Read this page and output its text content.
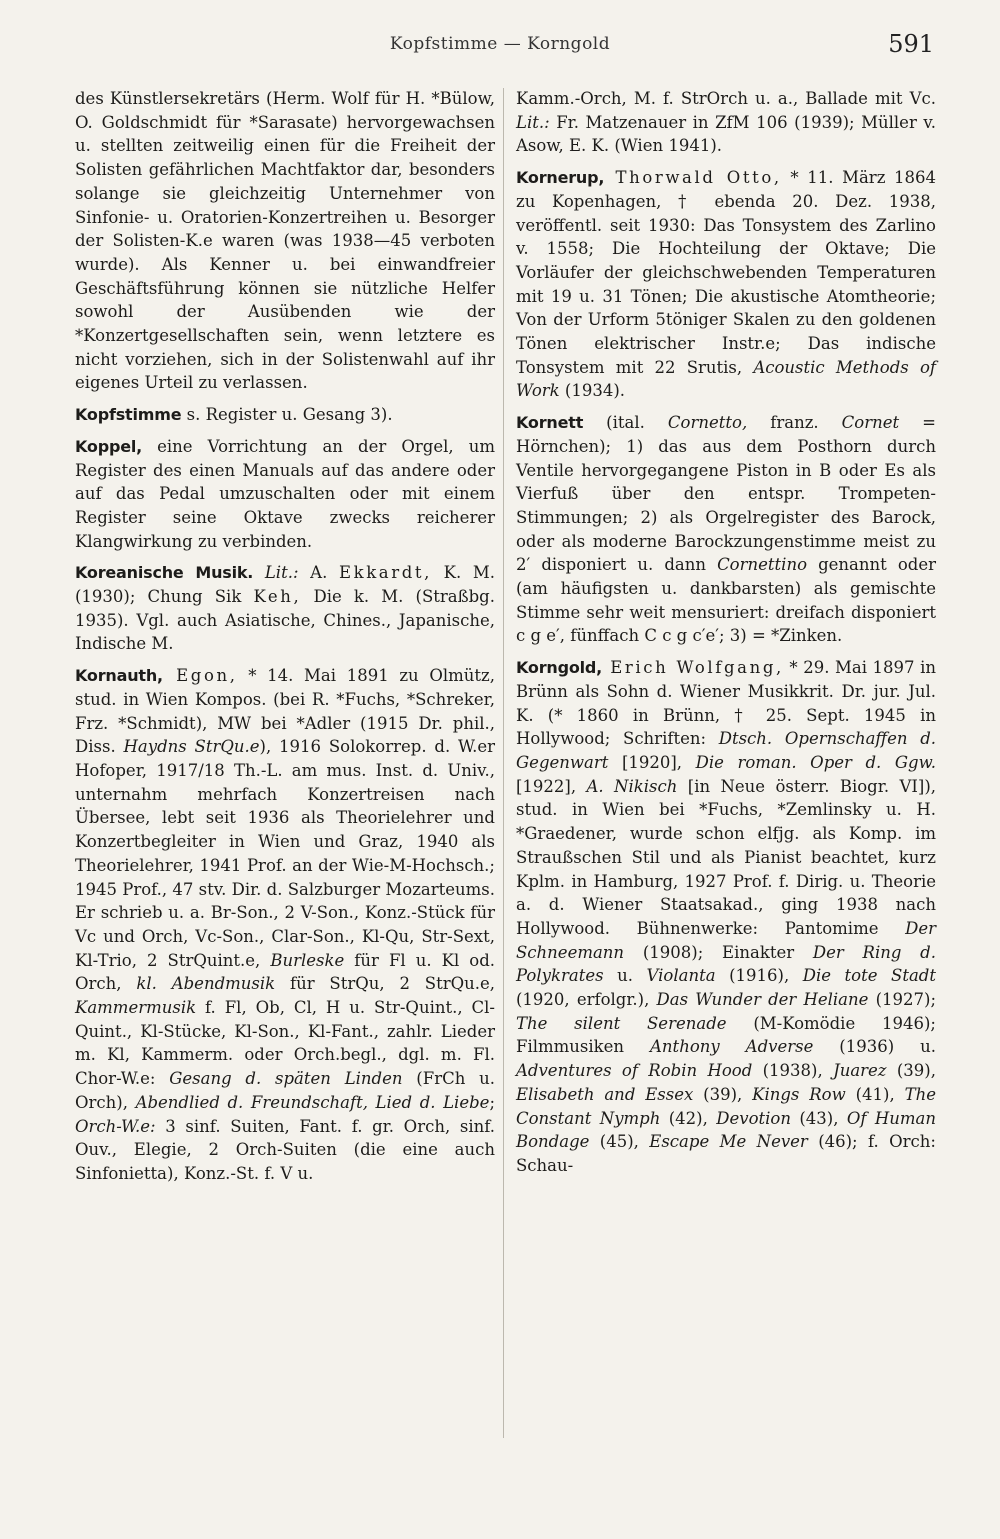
Kopfstimme — Korngold	591

des Künstlersekretärs (Herm. Wolf für H. *Bülow, O. Goldschmidt für *Sarasate) hervorgewachsen u. stellten zeitweilig einen für die Freiheit der Solisten gefährlichen Machtfaktor dar, besonders solange sie gleichzeitig Unternehmer von Sinfonie- u. Oratorien-Konzertreihen u. Besorger der Solisten-K.e waren (was 1938—45 verboten wurde). Als Kenner u. bei einwandfreier Geschäftsführung können sie nützliche Helfer sowohl der Ausübenden wie der *Konzertgesellschaften sein, wenn letztere es nicht vorziehen, sich in der Solistenwahl auf ihr eigenes Urteil zu verlassen.

Kopfstimme s. Register u. Gesang 3).

Koppel, eine Vorrichtung an der Orgel, um Register des einen Manuals auf das andere oder auf das Pedal umzuschalten oder mit einem Register seine Oktave zwecks reicherer Klangwirkung zu verbinden.

Koreanische Musik. Lit.: A. Ekkardt, K. M. (1930); Chung Sik Keh, Die k. M. (Straßbg. 1935). Vgl. auch Asiatische, Chines., Japanische, Indische M.

Kornauth, Egon, * 14. Mai 1891 zu Olmütz, stud. in Wien Kompos. (bei R. *Fuchs, *Schreker, Frz. *Schmidt), MW bei *Adler (1915 Dr. phil., Diss. Haydns StrQu.e), 1916 Solokorrep. d. W.er Hofoper, 1917/18 Th.-L. am mus. Inst. d. Univ., unternahm mehrfach Konzertreisen nach Übersee, lebt seit 1936 als Theorielehrer und Konzertbegleiter in Wien und Graz, 1940 als Theorielehrer, 1941 Prof. an der Wie-M-Hochsch.; 1945 Prof., 47 stv. Dir. d. Salzburger Mozarteums. Er schrieb u. a. Br-Son., 2 V-Son., Konz.-Stück für Vc und Orch, Vc-Son., Clar-Son., Kl-Qu, Str-Sext, Kl-Trio, 2 StrQuint.e, Burleske für Fl u. Kl od. Orch, kl. Abendmusik für StrQu, 2 StrQu.e, Kammermusik f. Fl, Ob, Cl, H u. Str-Quint., Cl-Quint., Kl-Stücke, Kl-Son., Kl-Fant., zahlr. Lieder m. Kl, Kammerm. oder Orch.begl., dgl. m. Fl. Chor-W.e: Gesang d. späten Linden (FrCh u. Orch), Abendlied d. Freundschaft, Lied d. Liebe; Orch-W.e: 3 sinf. Suiten, Fant. f. gr. Orch, sinf. Ouv., Elegie, 2 Orch-Suiten (die eine auch Sinfonietta), Konz.-St. f. V u.

Kamm.-Orch, M. f. StrOrch u. a., Ballade mit Vc. Lit.: Fr. Matzenauer in ZfM 106 (1939); Müller v. Asow, E. K. (Wien 1941).

Kornerup, Thorwald Otto, * 11. März 1864 zu Kopenhagen, † ebenda 20. Dez. 1938, veröffentl. seit 1930: Das Tonsystem des Zarlino v. 1558; Die Hochteilung der Oktave; Die Vorläufer der gleichschwebenden Temperaturen mit 19 u. 31 Tönen; Die akustische Atomtheorie; Von der Urform 5töniger Skalen zu den goldenen Tönen elektrischer Instr.e; Das indische Tonsystem mit 22 Srutis, Acoustic Methods of Work (1934).

Kornett (ital. Cornetto, franz. Cornet = Hörnchen); 1) das aus dem Posthorn durch Ventile hervorgegangene Piston in B oder Es als Vierfuß über den entspr. Trompeten-Stimmungen; 2) als Orgelregister des Barock, oder als moderne Barockzungenstimme meist zu 2′ disponiert u. dann Cornettino genannt oder (am häufigsten u. dankbarsten) als gemischte Stimme sehr weit mensuriert: dreifach disponiert c g e′, fünffach C c g c′e′; 3) = *Zinken.

Korngold, Erich Wolfgang, * 29. Mai 1897 in Brünn als Sohn d. Wiener Musikkrit. Dr. jur. Jul. K. (* 1860 in Brünn, † 25. Sept. 1945 in Hollywood; Schriften: Dtsch. Opernschaffen d. Gegenwart [1920], Die roman. Oper d. Ggw. [1922], A. Nikisch [in Neue österr. Biogr. VI]), stud. in Wien bei *Fuchs, *Zemlinsky u. H. *Graedener, wurde schon elfjg. als Komp. im Straußschen Stil und als Pianist beachtet, kurz Kplm. in Hamburg, 1927 Prof. f. Dirig. u. Theorie a. d. Wiener Staatsakad., ging 1938 nach Hollywood. Bühnenwerke: Pantomime Der Schneemann (1908); Einakter Der Ring d. Polykrates u. Violanta (1916), Die tote Stadt (1920, erfolgr.), Das Wunder der Heliane (1927); The silent Serenade (M-Komödie 1946); Filmmusiken Anthony Adverse (1936) u. Adventures of Robin Hood (1938), Juarez (39), Elisabeth and Essex (39), Kings Row (41), The Constant Nymph (42), Devotion (43), Of Human Bondage (45), Escape Me Never (46); f. Orch: Schau-
